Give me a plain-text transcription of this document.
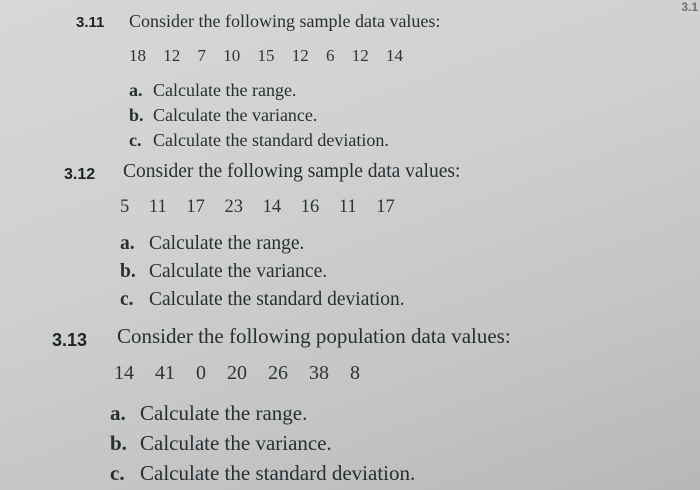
3.1
3.11 Consider the following sample data values:
18 12 7 10 15 12 6 12 14
a. Calculate the range.
b. Calculate the variance.
c. Calculate the standard deviation.
3.12 Consider the following sample data values:
5 11 17 23 14 16 11 17
a. Calculate the range.
b. Calculate the variance.
c. Calculate the standard deviation.
3.13 Consider the following population data values:
14 41 0 20 26 38 8
a. Calculate the range.
b. Calculate the variance.
c. Calculate the standard deviation.
